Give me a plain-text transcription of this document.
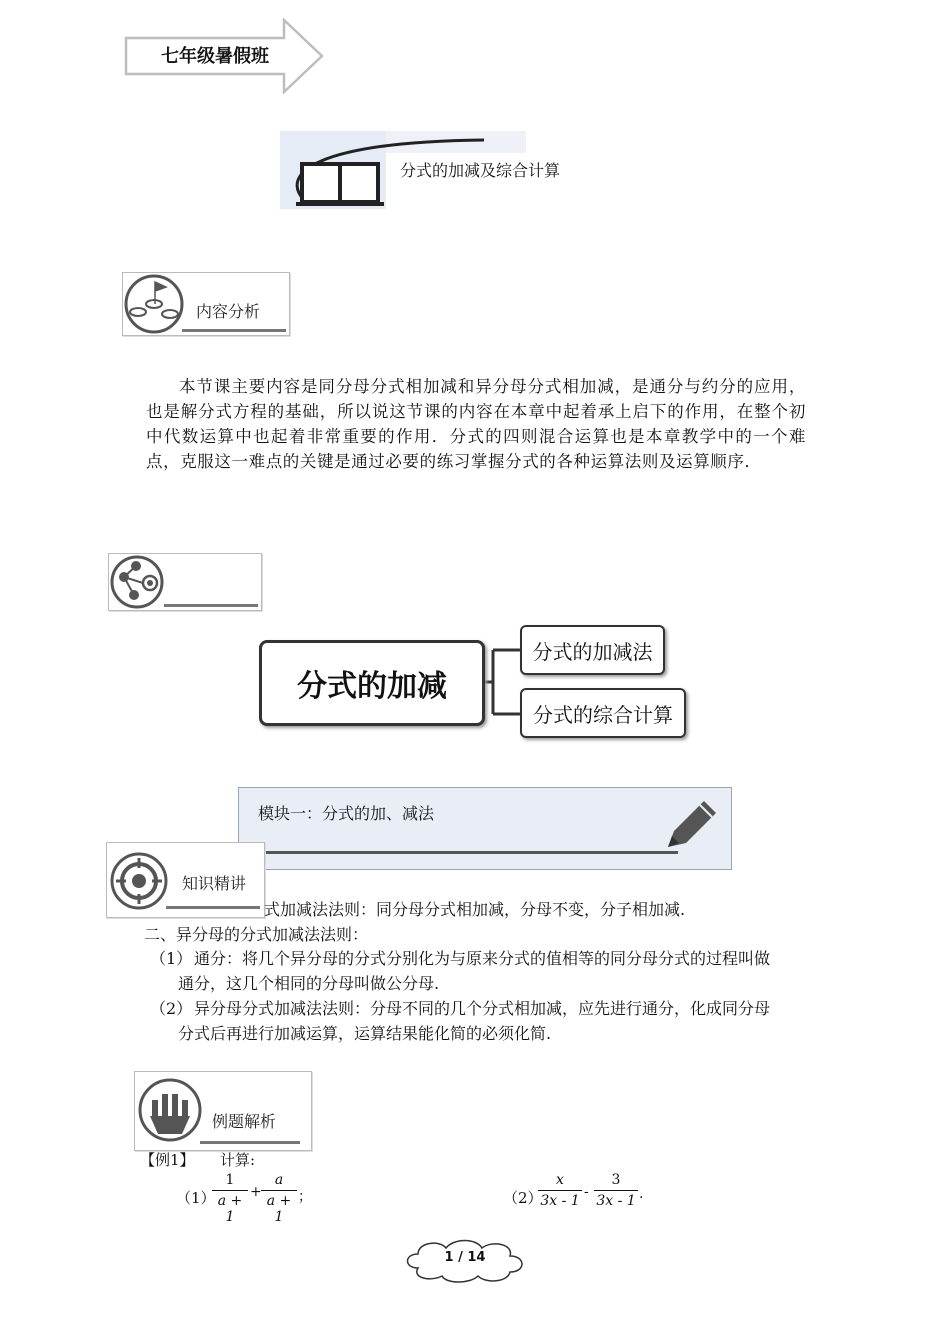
七年级暑假班
分式的加减及综合计算
内容分析
本节课主要内容是同分母分式相加减和异分母分式相加减，是通分与约分的应用，也是解分式方程的基础，所以说这节课的内容在本章中起着承上启下的作用，在整个初中代数运算中也起着非常重要的作用．分式的四则混合运算也是本章教学中的一个难点，克服这一难点的关键是通过必要的练习掌握分式的各种运算法则及运算顺序．
分式的加减
分式的加减法
分式的综合计算
模块一：分式的加、减法
知识精讲
式加减法法则：同分母分式相加减，分母不变，分子相加减.
二、异分母的分式加减法法则：
（1） 通分：将几个异分母的分式分别化为与原来分式的值相等的同分母分式的过程叫做
通分，这几个相同的分母叫做公分母.
（2） 异分母分式加减法法则：分母不同的几个分式相加减，应先进行通分，化成同分母
分式后再进行加减运算，运算结果能化简的必须化简.
例题解析
【例1】 计算:
（1）
$\frac{1}{a + 1} + \frac{a}{a + 1}$ ；	（2）
$\frac{x}{3x - 1} - \frac{3}{3x - 1}$ .
1 / 14
